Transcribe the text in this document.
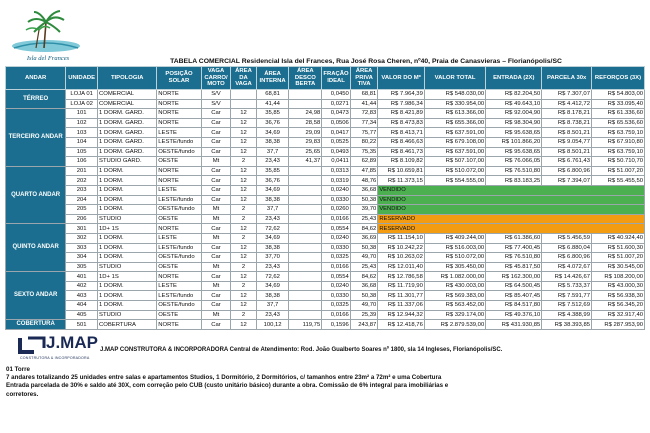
Isla del Frances	TABELA COMERCIAL Residencial Isla del Frances, Rua José Rosa Cheren, nº40, Praia de Canasvieras – Florianópolis/SC
ANDAR	UNIDADE	TIPOLOGIA	POSIÇÃO SOLAR	VAGA CARRO/ MOTO	ÁREA DA VAGA	ÁREA INTERNA	ÁREA DESCO BERTA	FRAÇÃO IDEAL	ÁREA PRIVA TIVA	VALOR DO Mº	VALOR TOTAL	ENTRADA (2X)	PARCELA 30x	REFORÇOS (3X)
TÉRREO	LOJA 01	COMERCIAL	NORTE	S/V		68,81		0,0450	68,81	R$ 7.964,39	R$ 548.030,00	R$ 82.204,50	R$ 7.307,07	R$ 54.803,00
	LOJA 02	COMERCIAL	NORTE	S/V		41,44		0,0271	41,44	R$ 7.986,34	R$ 330.954,00	R$ 49.643,10	R$ 4.412,72	R$ 33.095,40
TERCEIRO ANDAR	101	1 DORM. GARD.	NORTE	Car	12	35,85	24,98	0,0473	72,83	R$ 8.421,89	R$ 613.366,00	R$ 92.004,90	R$ 8.178,21	R$ 61.336,60
	102	1 DORM. GARD.	NORTE	Car	12	36,76	28,58	0,0506	77,34	R$ 8.473,83	R$ 655.366,00	R$ 98.304,90	R$ 8.738,21	R$ 65.536,60
	103	1 DORM. GARD.	LESTE	Car	12	34,69	29,09	0,0417	75,77	R$ 8.413,71	R$ 637.591,00	R$ 95.638,65	R$ 8.501,21	R$ 63.759,10
	104	1 DORM. GARD.	LESTE/fundo	Car	12	38,38	29,83	0,0525	80,22	R$ 8.466,63	R$ 679.108,00	R$ 101.866,20	R$ 9.054,77	R$ 67.910,80
	105	1 DORM. GARD.	OESTE/fundo	Car	12	37,7	25,65	0,0493	75,35	R$ 8.461,73	R$ 637.591,00	R$ 95.638,65	R$ 8.501,21	R$ 63.759,10
	106	STUDIO GARD.	OESTE	Mt	2	23,43	41,37	0,0411	62,89	R$ 8.109,82	R$ 507.107,00	R$ 76.066,05	R$ 6.761,43	R$ 50.710,70
QUARTO ANDAR	201	1 DORM.	NORTE	Car	12	35,85		0,0313	47,85	R$ 10.659,81	R$ 510.072,00	R$ 76.510,80	R$ 6.800,96	R$ 51.007,20
	202	1 DORM.	NORTE	Car	12	36,76		0,0319	48,76	R$ 11.373,15	R$ 554.555,00	R$ 83.183,25	R$ 7.394,07	R$ 55.455,50
	203	1 DORM.	LESTE	Car	12	34,69		0,0240	36,68	VENDIDO				
	204	1 DORM.	LESTE/fundo	Car	12	38,38		0,0330	50,38	VENDIDO				
	205	1 DORM.	OESTE/fundo	Mt	2	37,7		0,0260	39,70	VENDIDO				
	206	STUDIO	OESTE	Mt	2	23,43		0,0166	25,43	RESERVADO				
QUINTO ANDAR	301	1D+ 1S	NORTE	Car	12	72,62		0,0554	84,62	RESERVADO				
	302	1 DORM.	LESTE	Mt	2	34,69		0,0240	36,69	R$ 11.154,10	R$ 409.244,00	R$ 61.386,60	R$ 5.456,59	R$ 40.924,40
	303	1 DORM.	LESTE/fundo	Car	12	38,38		0,0330	50,38	R$ 10.242,22	R$ 516.003,00	R$ 77.400,45	R$ 6.880,04	R$ 51.600,30
	304	1 DORM.	OESTE/fundo	Car	12	37,70		0,0325	49,70	R$ 10.263,02	R$ 510.072,00	R$ 76.510,80	R$ 6.800,96	R$ 51.007,20
	305	STUDIO	OESTE	Mt	2	23,43		0,0166	25,43	R$ 12.011,40	R$ 305.450,00	R$ 45.817,50	R$ 4.072,67	R$ 30.545,00
SEXTO ANDAR	401	1D+ 1S	NORTE	Car	12	72,62		0,0554	84,62	R$ 12.786,58	R$ 1.082.000,00	R$ 162.300,00	R$ 14.426,67	R$ 108.200,00
	402	1 DORM.	LESTE	Mt	2	34,69		0,0240	36,68	R$ 11.719,90	R$ 430.003,00	R$ 64.500,45	R$ 5.733,37	R$ 43.000,30
	403	1 DORM.	LESTE/fundo	Car	12	38,38		0,0330	50,38	R$ 11.301,77	R$ 569.383,00	R$ 85.407,45	R$ 7.591,77	R$ 56.938,30
	404	1 DORM.	OESTE/fundo	Car	12	37,7		0,0325	49,70	R$ 11.337,06	R$ 563.452,00	R$ 84.517,80	R$ 7.512,69	R$ 56.345,20
	405	STUDIO	OESTE	Mt	2	23,43		0,0166	25,39	R$ 12.944,32	R$ 329.174,00	R$ 49.376,10	R$ 4.388,99	R$ 32.917,40
COBERTURA	501	COBERTURA	NORTE	Car	12	100,12	119,75	0,1596	243,87	R$ 12.418,76	R$ 2.879.539,00	R$ 431.930,85	R$ 38.393,85	R$ 287.953,90
J.MAP
CONSTRUTORA & INCORPORADORA
J.MAP CONSTRUTORA & INCORPORADORA Central de Atendimento: Rod. João Gualberto Soares nº 1800, sla 14 Ingleses, Florianópolis/SC.
01 Torre
7 andares totalizando 25 unidades entre salas e apartamentos Studios, 1 Dormitório, 2 Dormitórios, c/ tamanhos entre 23m² a 72m² e uma Cobertura
Entrada parcelada de 30% e saldo até 30X, com correção pelo CUB (custo unitário básico) durante a obra. Comissão de 6% integral para imobiliárias e
corretores.
